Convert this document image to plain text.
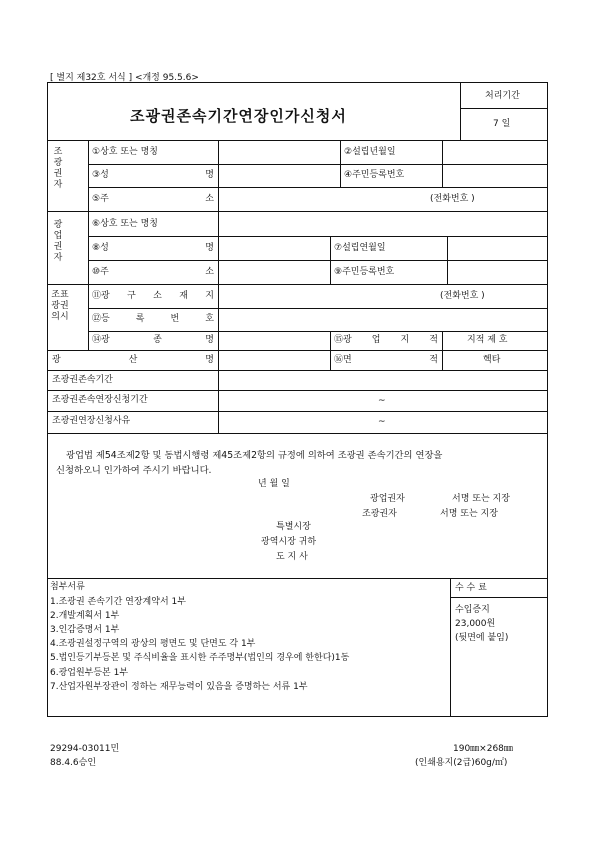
[ 별지 제32호 서식 ] <개정 95.5.6>
조광권존속기간연장인가신청서
처리기간
7 일
조광권자
①상호 또는 명칭	②설립년월일
③성	명	④주민등록번호
⑤주	소	(전화번호 )
광업권자
⑥상호 또는 명칭
⑧성	명	⑦설립연월일
⑩주	소	⑨주민등록번호
조표광권의시
⑪광 구 소 재 지	(전화번호 )
⑫등	록	번	호
⑭광	종	명	⑮광 업 지 적	지적 제 호
광	산	명	⑯면	적	헥타
조광권존속기간
조광권존속연장신청기간	~
조광권연장신청사유	~
광업법 제54조제2항 및 동법시행령 제45조제2항의 규정에 의하여 조광권 존속기간의 연장을
신청하오니 인가하여 주시기 바랍니다.
년 월 일
광업권자	서명 또는 지장
조광권자	서명 또는 지장
특별시장
광역시장 귀하
도 지 사
첨부서류
1.조광권 존속기간 연장계약서 1부
2.개발계획서 1부
3.인감증명서 1부
4.조광권설정구역의 광상의 평면도 및 단면도 각 1부
5.법인등기부등본 및 주식비율을 표시한 주주명부(법인의 경우에 한한다)1동
6.광업원부등본 1부
7.산업자원부장관이 정하는 재무능력이 있음을 증명하는 서류 1부
수 수 료
수입증지
23,000원
(뒷면에 붙임)
29294-03011민
88.4.6승인
190㎜×268㎜
(인쇄용지(2급)60g/㎡)
